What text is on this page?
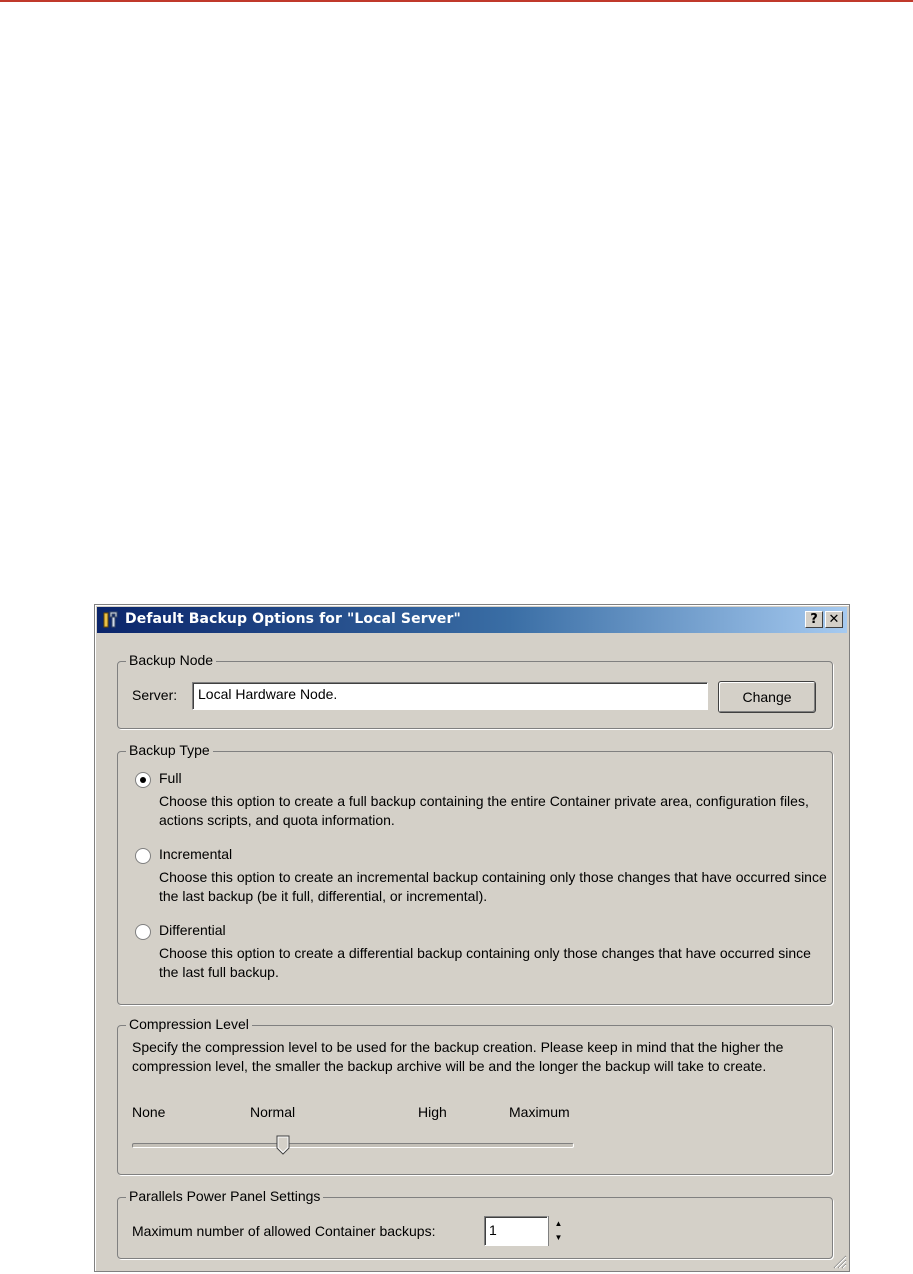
Default Backup Options for "Local Server"	? ✕
Backup Node
Server:	Local Hardware Node.	Change
Backup Type
Full
Choose this option to create a full backup containing the entire Container private area, configuration files, actions scripts, and quota information.
Incremental
Choose this option to create an incremental backup containing only those changes that have occurred since the last backup (be it full, differential, or incremental).
Differential
Choose this option to create a differential backup containing only those changes that have occurred since the last full backup.
Compression Level
Specify the compression level to be used for the backup creation. Please keep in mind that the higher the compression level, the smaller the backup archive will be and the longer the backup will take to create.
None	Normal	High	Maximum
Parallels Power Panel Settings
Maximum number of allowed Container backups:	1	▲
▼
